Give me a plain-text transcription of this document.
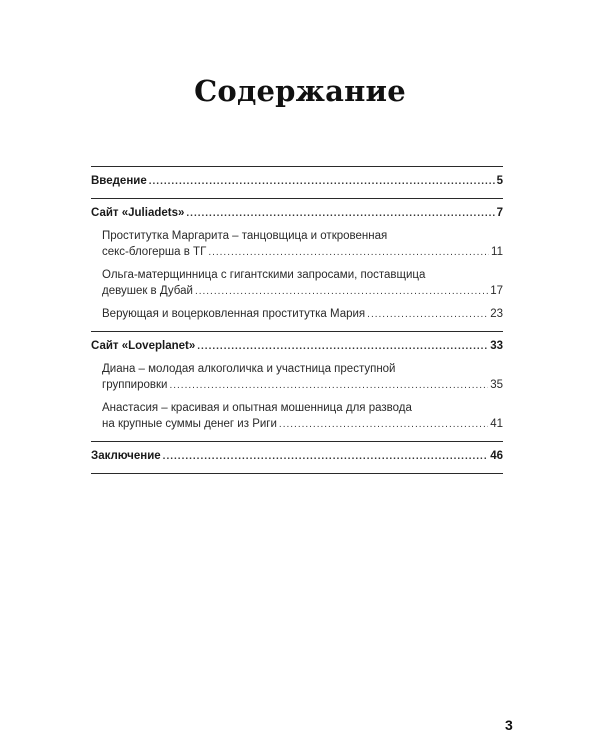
Содержание
Введение .....	5
Сайт «Juliadets» .....	7
Проститутка Маргарита – танцовщица и откровенная
секс-блогерша в ТГ .....	11
Ольга-матерщинница с гигантскими запросами, поставщица
девушек в Дубай .....	17
Верующая и воцерковленная проститутка Мария .....	23
Сайт «Loveplanet» .....	33
Диана – молодая алкоголичка и участница преступной
группировки .....	35
Анастасия – красивая и опытная мошенница для развода
на крупные суммы денег из Риги .....	41
Заключение .....	46
3
